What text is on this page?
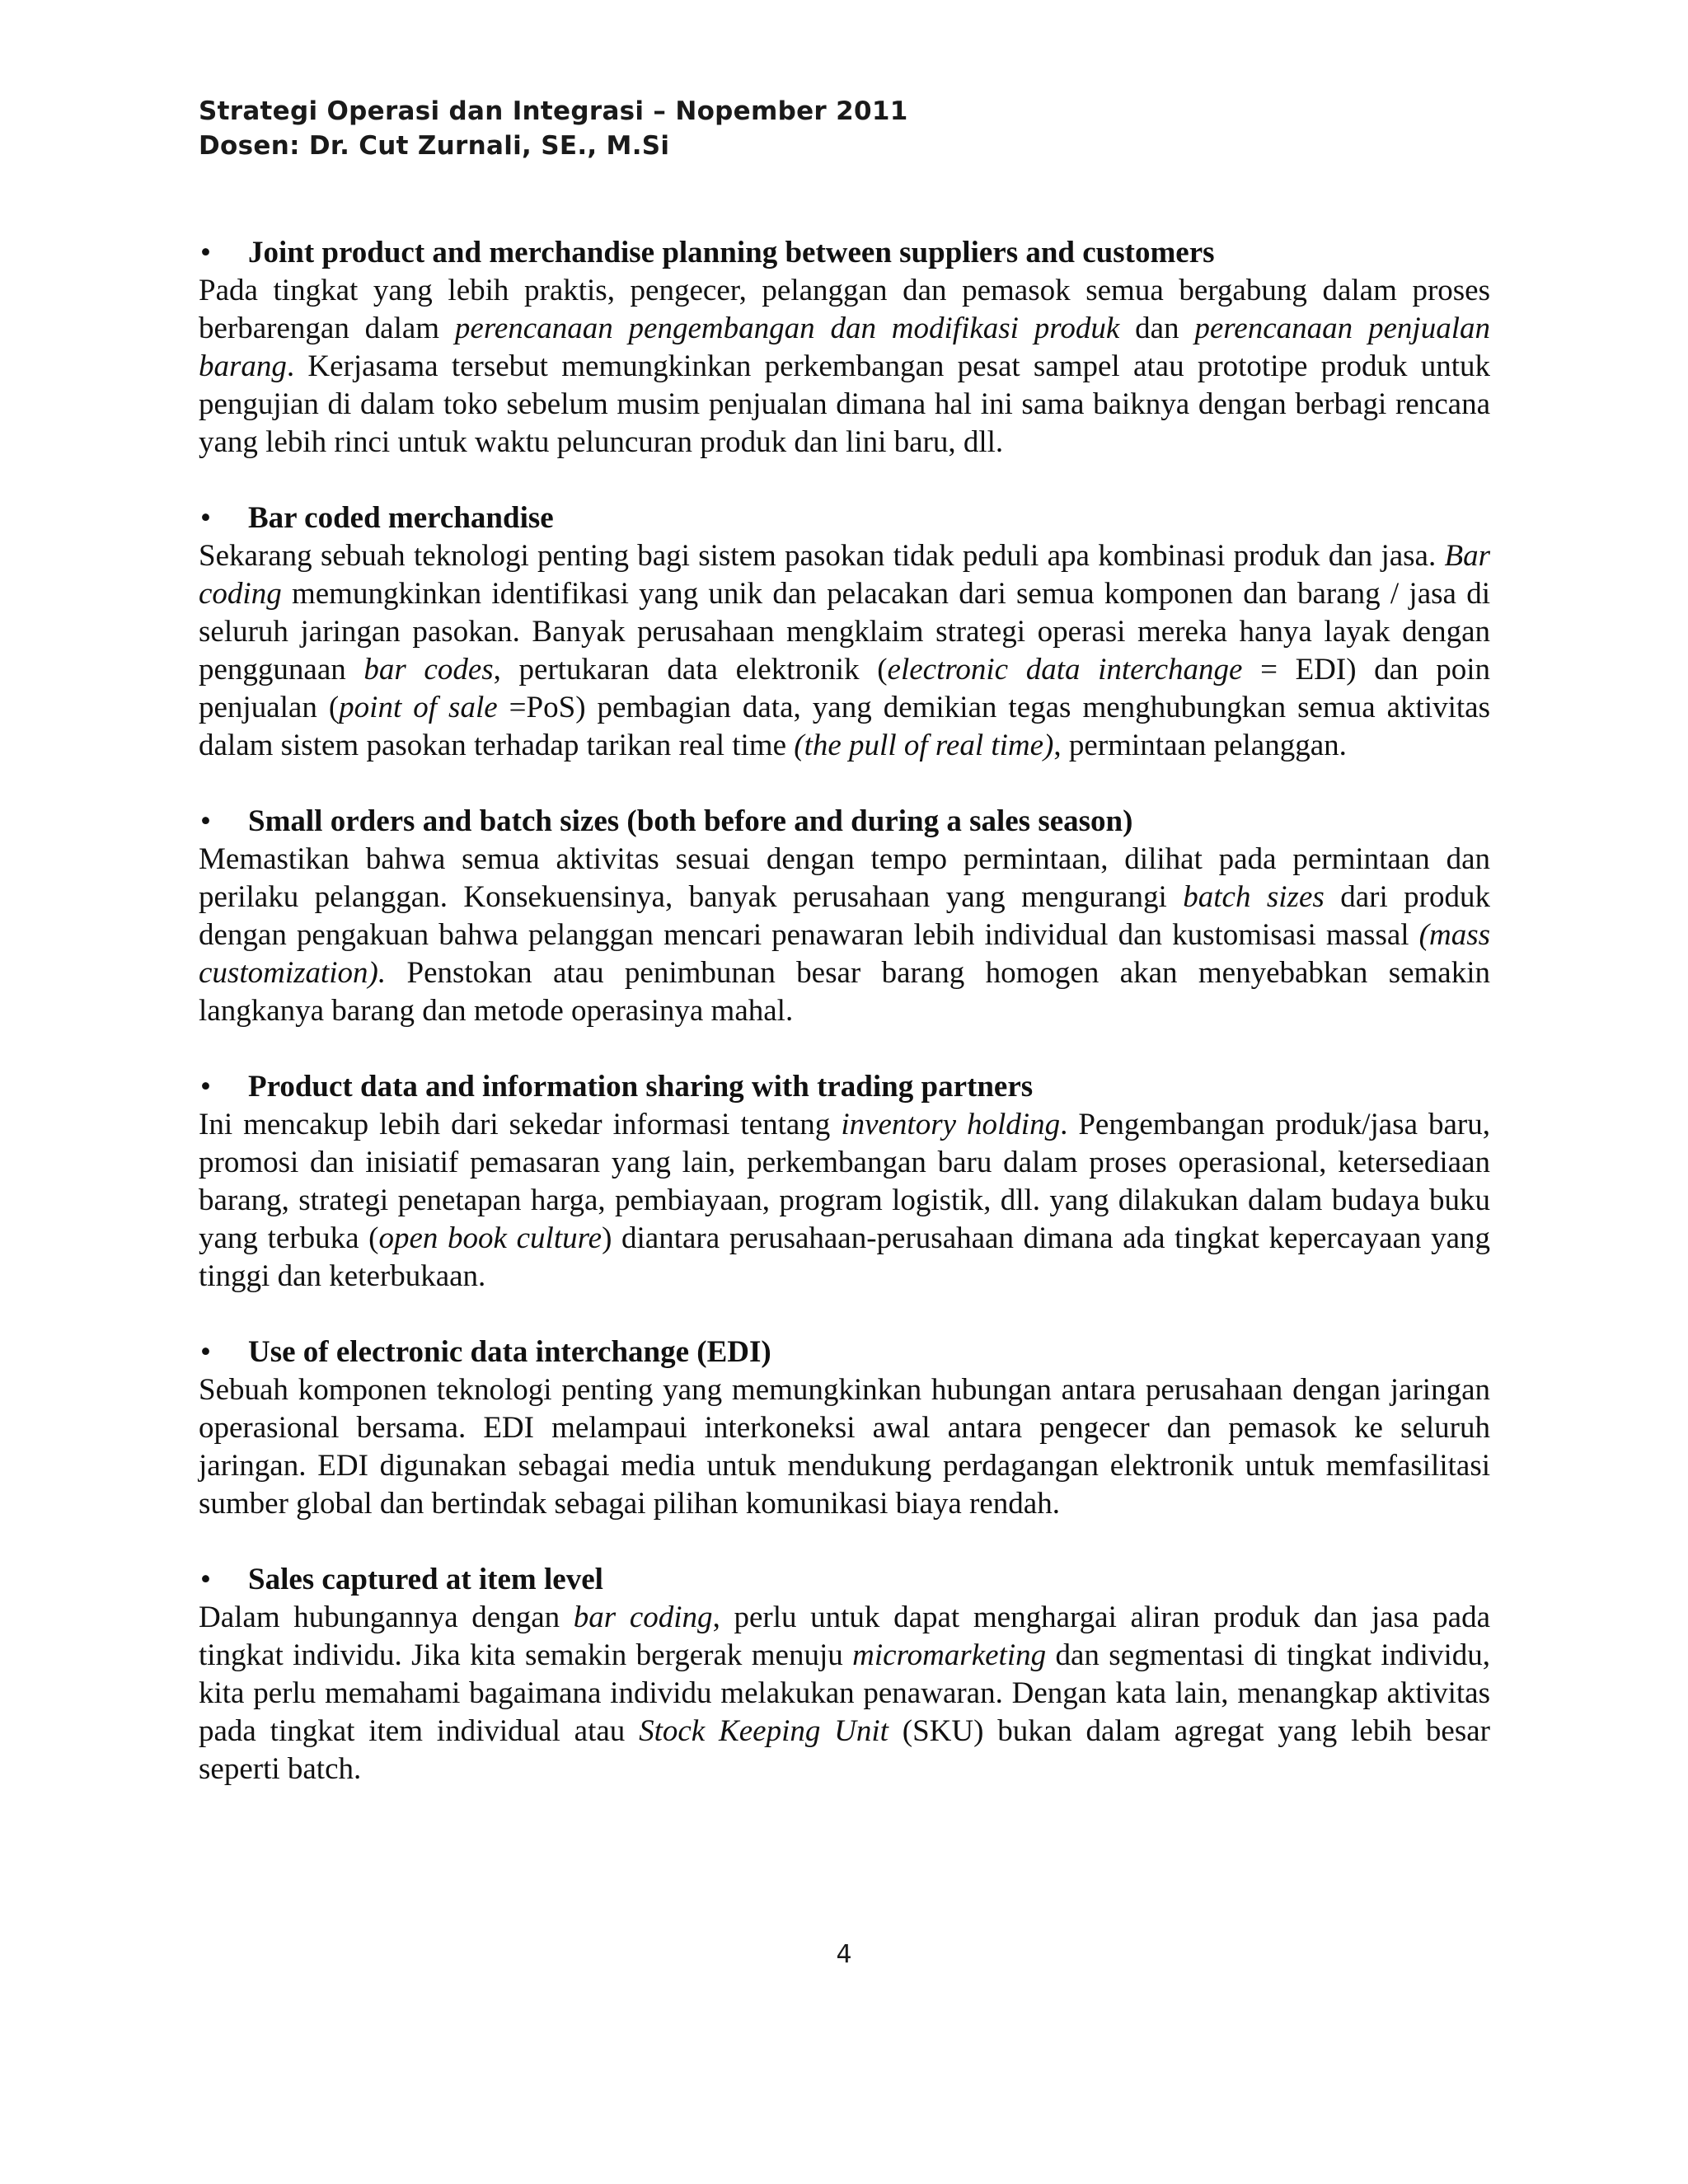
Strategi Operasi dan Integrasi – Nopember 2011
Dosen: Dr. Cut Zurnali, SE., M.Si
• Joint product and merchandise planning between suppliers and customers
Pada tingkat yang lebih praktis, pengecer, pelanggan dan pemasok semua bergabung dalam proses berbarengan dalam perencanaan pengembangan dan modifikasi produk dan perencanaan penjualan barang. Kerjasama tersebut memungkinkan perkembangan pesat sampel atau prototipe produk untuk pengujian di dalam toko sebelum musim penjualan dimana hal ini sama baiknya dengan berbagi rencana yang lebih rinci untuk waktu peluncuran produk dan lini baru, dll.
• Bar coded merchandise
Sekarang sebuah teknologi penting bagi sistem pasokan tidak peduli apa kombinasi produk dan jasa. Bar coding memungkinkan identifikasi yang unik dan pelacakan dari semua komponen dan barang / jasa di seluruh jaringan pasokan. Banyak perusahaan mengklaim strategi operasi mereka hanya layak dengan penggunaan bar codes, pertukaran data elektronik (electronic data interchange = EDI) dan poin penjualan (point of sale =PoS) pembagian data, yang demikian tegas menghubungkan semua aktivitas dalam sistem pasokan terhadap tarikan real time (the pull of real time), permintaan pelanggan.
• Small orders and batch sizes (both before and during a sales season)
Memastikan bahwa semua aktivitas sesuai dengan tempo permintaan, dilihat pada permintaan dan perilaku pelanggan. Konsekuensinya, banyak perusahaan yang mengurangi batch sizes dari produk dengan pengakuan bahwa pelanggan mencari penawaran lebih individual dan kustomisasi massal (mass customization). Penstokan atau penimbunan besar barang homogen akan menyebabkan semakin langkanya barang dan metode operasinya mahal.
• Product data and information sharing with trading partners
Ini mencakup lebih dari sekedar informasi tentang inventory holding. Pengembangan produk/jasa baru, promosi dan inisiatif pemasaran yang lain, perkembangan baru dalam proses operasional, ketersediaan barang, strategi penetapan harga, pembiayaan, program logistik, dll. yang dilakukan dalam budaya buku yang terbuka (open book culture) diantara perusahaan-perusahaan dimana ada tingkat kepercayaan yang tinggi dan keterbukaan.
• Use of electronic data interchange (EDI)
Sebuah komponen teknologi penting yang memungkinkan hubungan antara perusahaan dengan jaringan operasional bersama. EDI melampaui interkoneksi awal antara pengecer dan pemasok ke seluruh jaringan. EDI digunakan sebagai media untuk mendukung perdagangan elektronik untuk memfasilitasi sumber global dan bertindak sebagai pilihan komunikasi biaya rendah.
• Sales captured at item level
Dalam hubungannya dengan bar coding, perlu untuk dapat menghargai aliran produk dan jasa pada tingkat individu. Jika kita semakin bergerak menuju micromarketing dan segmentasi di tingkat individu, kita perlu memahami bagaimana individu melakukan penawaran. Dengan kata lain, menangkap aktivitas pada tingkat item individual atau Stock Keeping Unit (SKU) bukan dalam agregat yang lebih besar seperti batch.
4
